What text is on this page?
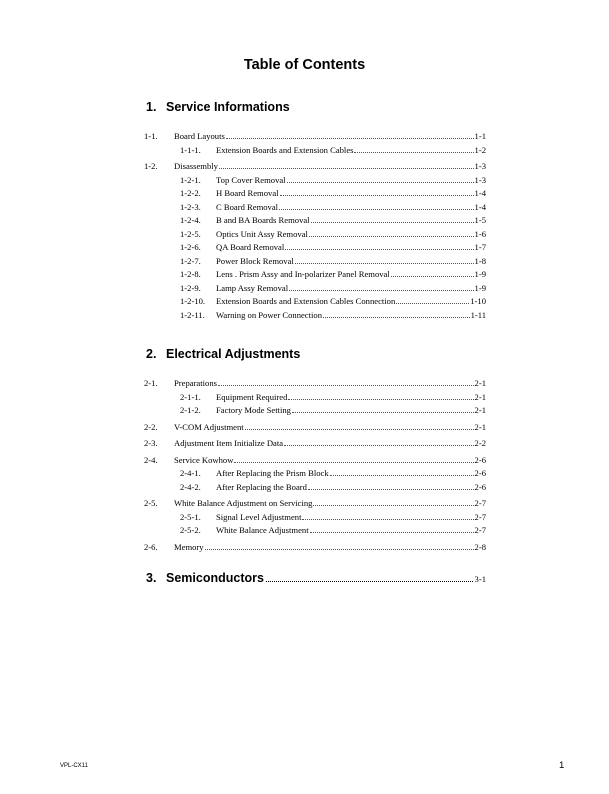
Table of Contents
1. Service Informations
1-1. Board Layouts	1-1
1-1-1. Extension Boards and Extension Cables	1-2
1-2. Disassembly	1-3
1-2-1. Top Cover Removal	1-3
1-2-2. H Board Removal	1-4
1-2-3. C Board Removal	1-4
1-2-4. B and BA Boards Removal	1-5
1-2-5. Optics Unit Assy Removal	1-6
1-2-6. QA Board Removal	1-7
1-2-7. Power Block Removal	1-8
1-2-8. Lens . Prism Assy and In-polarizer Panel Removal	1-9
1-2-9. Lamp Assy Removal	1-9
1-2-10. Extension Boards and Extension Cables Connection	1-10
1-2-11. Warning on Power Connection	1-11
2. Electrical Adjustments
2-1. Preparations	2-1
2-1-1. Equipment Required	2-1
2-1-2. Factory Mode Setting	2-1
2-2. V-COM Adjustment	2-1
2-3. Adjustment Item Initialize Data	2-2
2-4. Service Kowhow	2-6
2-4-1. After Replacing the Prism Block	2-6
2-4-2. After Replacing the Board	2-6
2-5. White Balance Adjustment on Servicing	2-7
2-5-1. Signal Level Adjustment	2-7
2-5-2. White Balance Adjustment	2-7
2-6. Memory	2-8
3. Semiconductors	3-1
VPL-CX11	1
